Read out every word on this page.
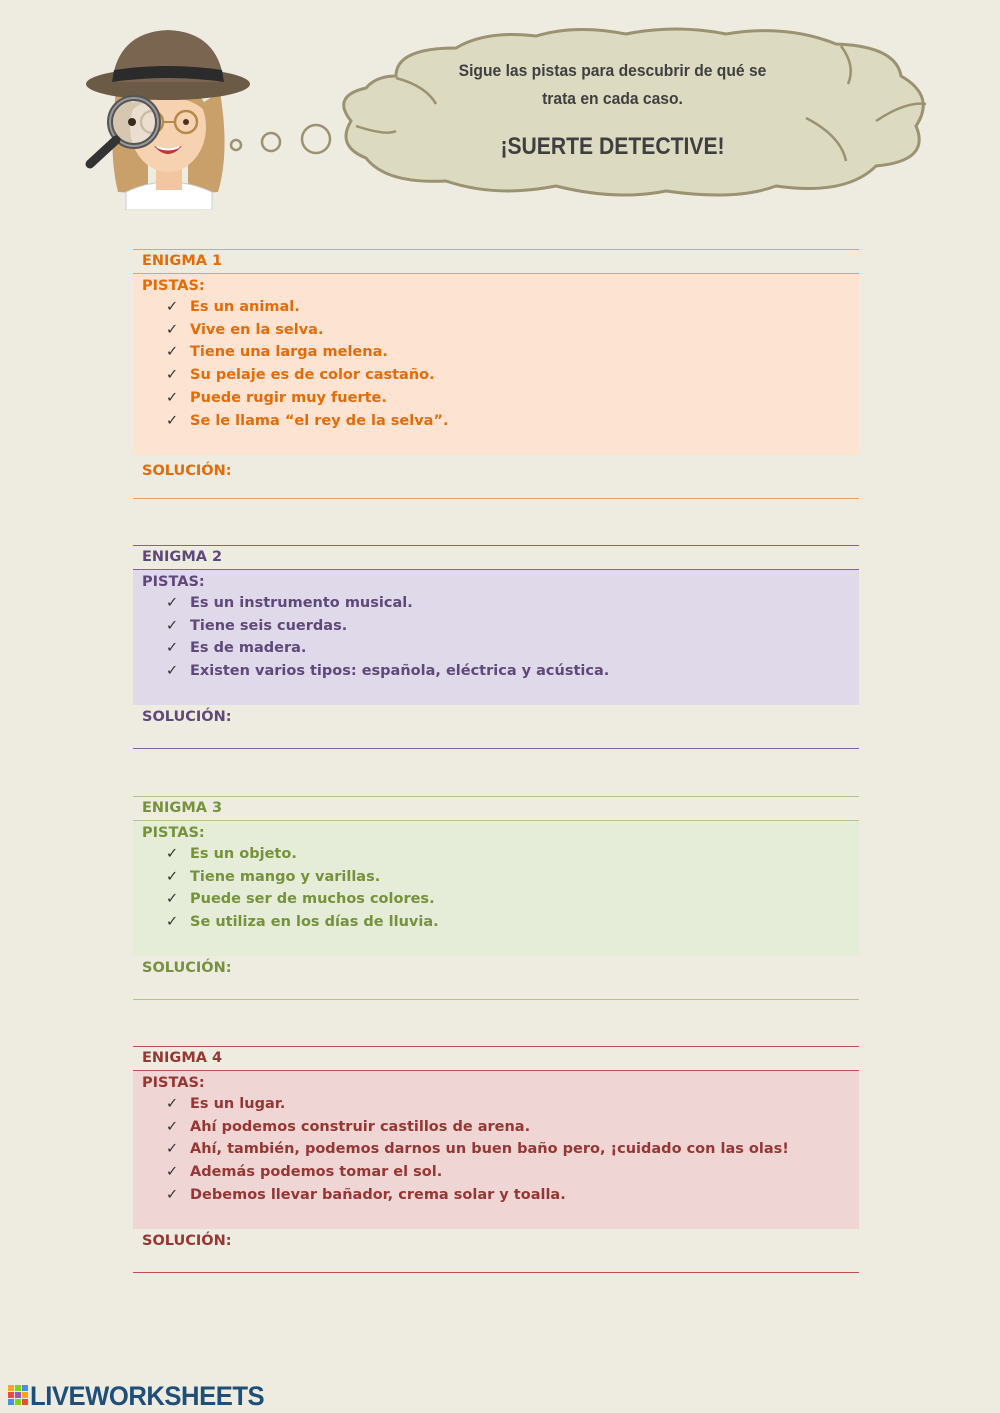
Sigue las pistas para descubrir de qué se
trata en cada caso.
¡SUERTE DETECTIVE!
ENIGMA 1
PISTAS:
✓ Es un animal.
✓ Vive en la selva.
✓ Tiene una larga melena.
✓ Su pelaje es de color castaño.
✓ Puede rugir muy fuerte.
✓ Se le llama “el rey de la selva”.
SOLUCIÓN:
ENIGMA 2
PISTAS:
✓ Es un instrumento musical.
✓ Tiene seis cuerdas.
✓ Es de madera.
✓ Existen varios tipos: española, eléctrica y acústica.
SOLUCIÓN:
ENIGMA 3
PISTAS:
✓ Es un objeto.
✓ Tiene mango y varillas.
✓ Puede ser de muchos colores.
✓ Se utiliza en los días de lluvia.
SOLUCIÓN:
ENIGMA 4
PISTAS:
✓ Es un lugar.
✓ Ahí podemos construir castillos de arena.
✓ Ahí, también, podemos darnos un buen baño pero, ¡cuidado con las olas!
✓ Además podemos tomar el sol.
✓ Debemos llevar bañador, crema solar y toalla.
SOLUCIÓN:
LIVEWORKSHEETS
